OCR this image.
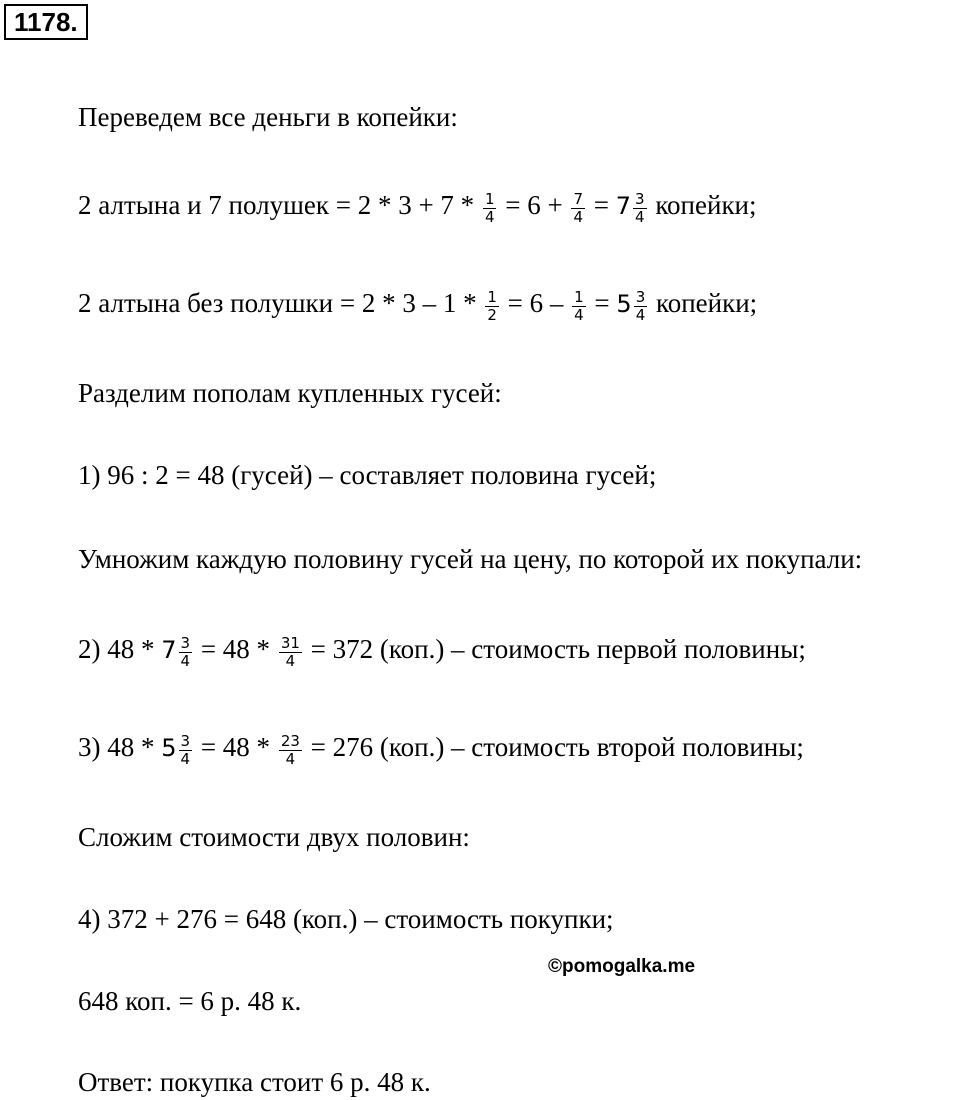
1178.
Переведем все деньги в копейки:
2 алтына и 7 полушек = $2 * 3 + 7 * \frac{1}{4} = 6 + \frac{7}{4} = 7 \frac{3}{4}$ копейки;
2 алтына без полушки = $2 * 3 - 1 * \frac{1}{2} = 6 - \frac{1}{4} = 5 \frac{3}{4}$ копейки;
Разделим пополам купленных гусей:
1) 96 : 2 = 48 (гусей) – составляет половина гусей;
Умножим каждую половину гусей на цену, по которой их покупали:
2) $48 * 7 \frac{3}{4} = 48 * \frac{31}{4} = 372$ (коп.) – стоимость первой половины;
3) $48 * 5 \frac{3}{4} = 48 * \frac{23}{4} = 276$ (коп.) – стоимость второй половины;
Сложим стоимости двух половин:
4) 372 + 276 = 648 (коп.) – стоимость покупки;
©pomogalka.me
648 коп. = 6 р. 48 к.
Ответ: покупка стоит 6 р. 48 к.
